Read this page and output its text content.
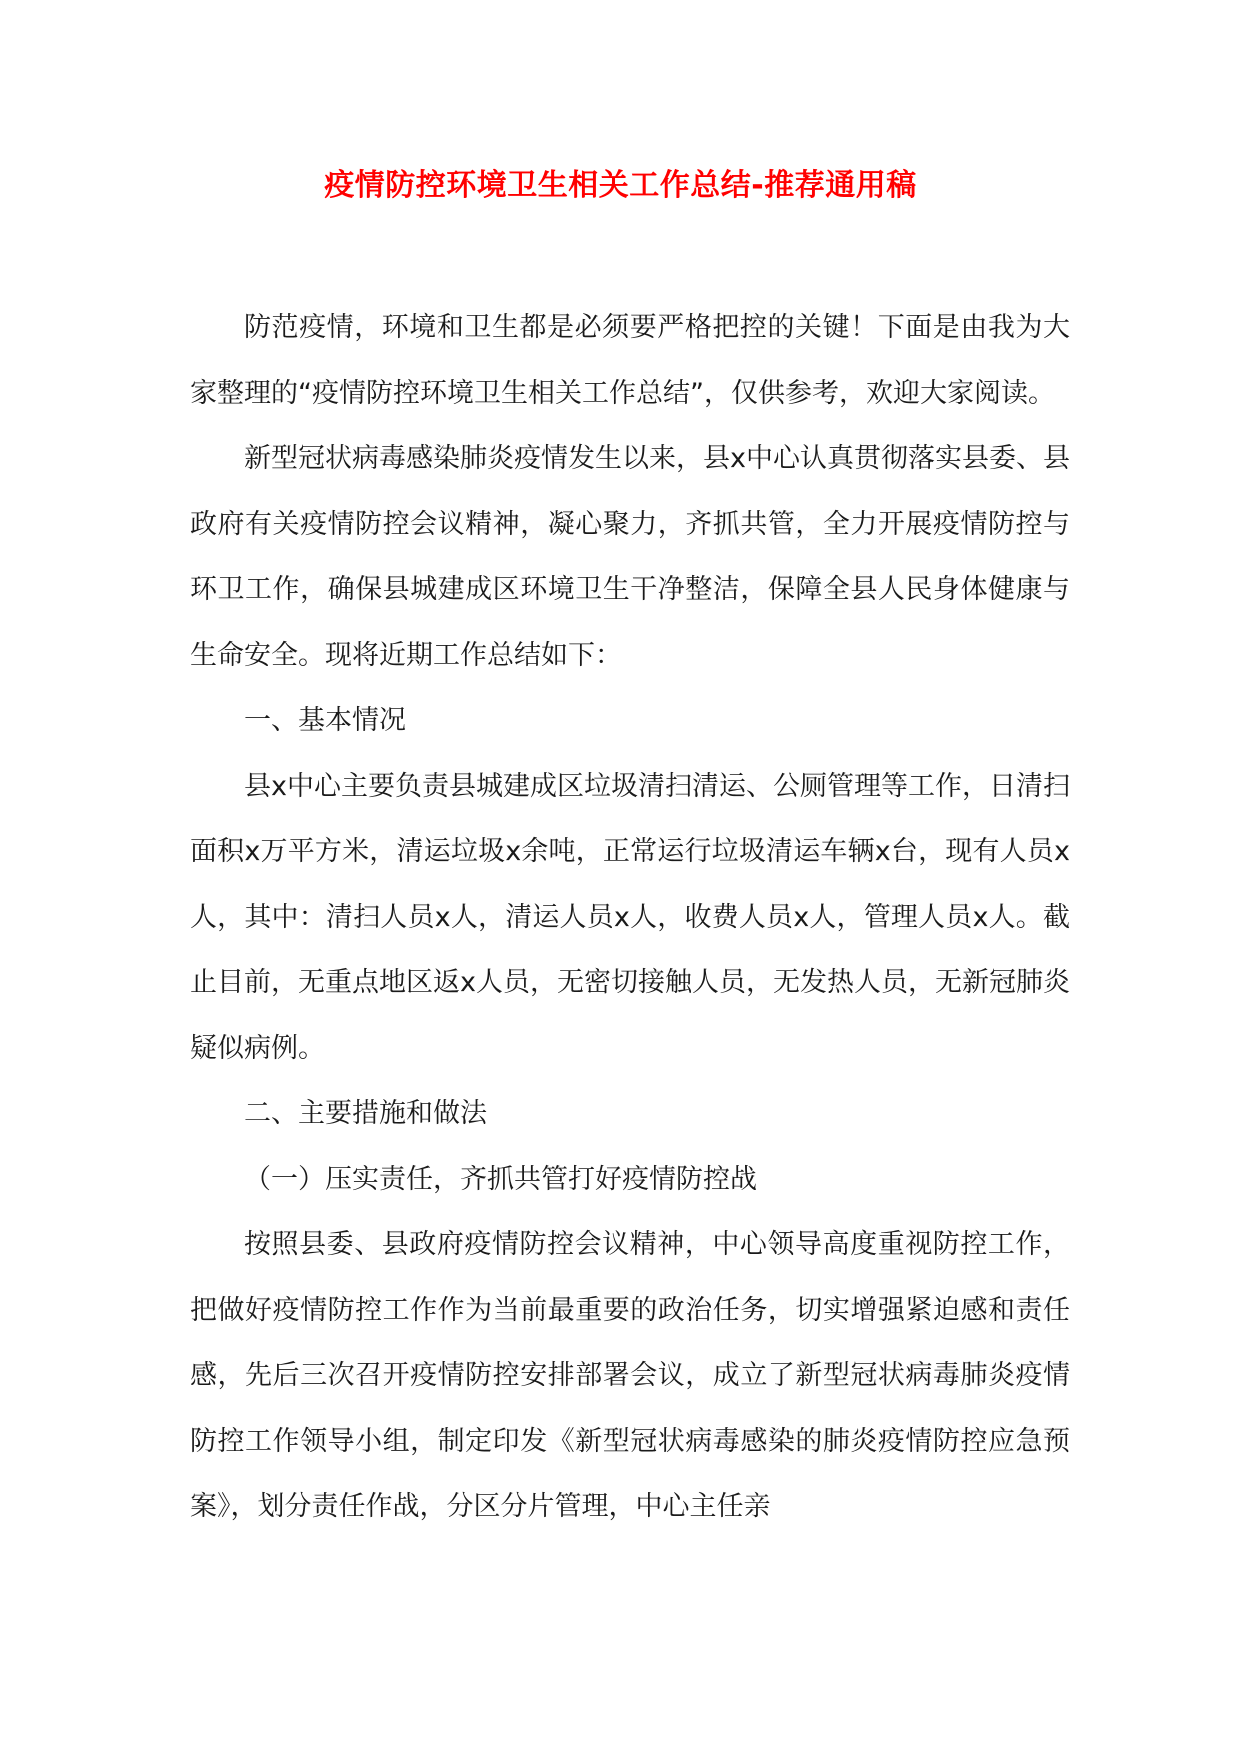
疫情防控环境卫生相关工作总结-推荐通用稿

防范疫情，环境和卫生都是必须要严格把控的关键！下面是由我为大家整理的“疫情防控环境卫生相关工作总结”，仅供参考，欢迎大家阅读。

新型冠状病毒感染肺炎疫情发生以来，县x中心认真贯彻落实县委、县政府有关疫情防控会议精神，凝心聚力，齐抓共管，全力开展疫情防控与环卫工作，确保县城建成区环境卫生干净整洁，保障全县人民身体健康与生命安全。现将近期工作总结如下：

一、基本情况

县x中心主要负责县城建成区垃圾清扫清运、公厕管理等工作，日清扫面积x万平方米，清运垃圾x余吨，正常运行垃圾清运车辆x台，现有人员x人，其中：清扫人员x人，清运人员x人，收费人员x人，管理人员x人。截止目前，无重点地区返x人员，无密切接触人员，无发热人员，无新冠肺炎疑似病例。

二、主要措施和做法

（一）压实责任，齐抓共管打好疫情防控战

按照县委、县政府疫情防控会议精神，中心领导高度重视防控工作，把做好疫情防控工作作为当前最重要的政治任务，切实增强紧迫感和责任感，先后三次召开疫情防控安排部署会议，成立了新型冠状病毒肺炎疫情防控工作领导小组，制定印发《新型冠状病毒感染的肺炎疫情防控应急预案》，划分责任作战，分区分片管理，中心主任亲
